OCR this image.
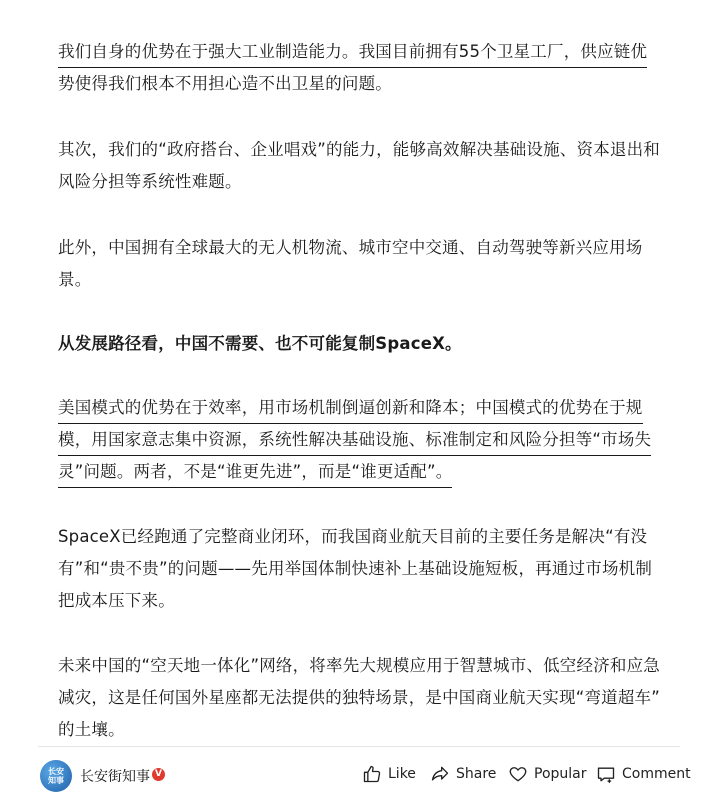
我们自身的优势在于强大工业制造能力。我国目前拥有55个卫星工厂，供应链优
势使得我们根本不用担心造不出卫星的问题。
其次，我们的“政府搭台、企业唱戏”的能力，能够高效解决基础设施、资本退出和
风险分担等系统性难题。
此外，中国拥有全球最大的无人机物流、城市空中交通、自动驾驶等新兴应用场
景。
从发展路径看，中国不需要、也不可能复制SpaceX。
美国模式的优势在于效率，用市场机制倒逼创新和降本；中国模式的优势在于规
模，用国家意志集中资源，系统性解决基础设施、标准制定和风险分担等“市场失
灵”问题。两者，不是“谁更先进”，而是“谁更适配”。
SpaceX已经跑通了完整商业闭环，而我国商业航天目前的主要任务是解决“有没
有”和“贵不贵”的问题——先用举国体制快速补上基础设施短板，再通过市场机制
把成本压下来。
未来中国的“空天地一体化”网络，将率先大规模应用于智慧城市、低空经济和应急
减灾，这是任何国外星座都无法提供的独特场景，是中国商业航天实现“弯道超车”
的土壤。
长安
知事	长安街知事 V	Like	Share	Popular	Comment
